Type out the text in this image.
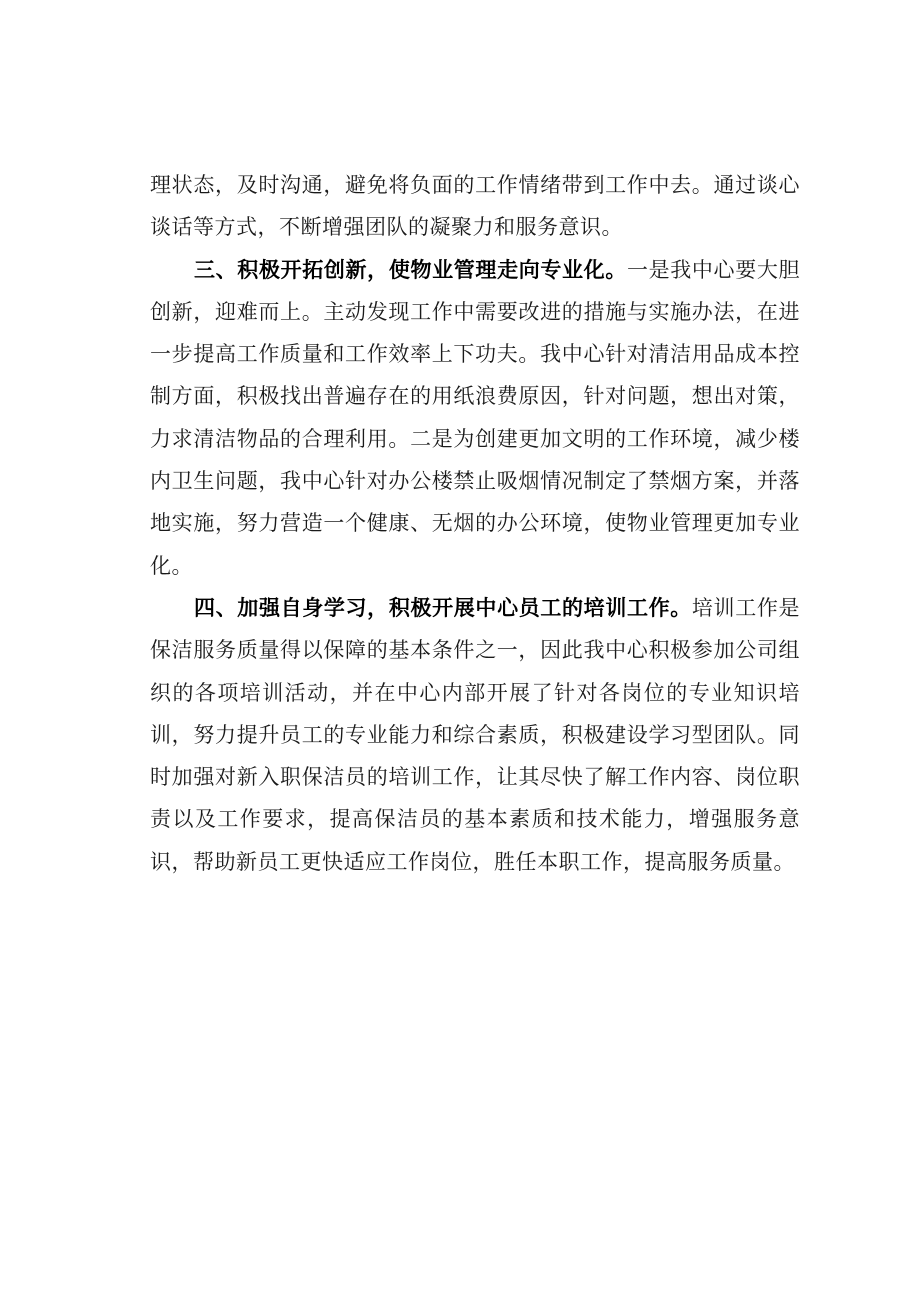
理状态，及时沟通，避免将负面的工作情绪带到工作中去。通过谈心谈话等方式，不断增强团队的凝聚力和服务意识。

三、积极开拓创新，使物业管理走向专业化。一是我中心要大胆创新，迎难而上。主动发现工作中需要改进的措施与实施办法，在进一步提高工作质量和工作效率上下功夫。我中心针对清洁用品成本控制方面，积极找出普遍存在的用纸浪费原因，针对问题，想出对策，力求清洁物品的合理利用。二是为创建更加文明的工作环境，减少楼内卫生问题，我中心针对办公楼禁止吸烟情况制定了禁烟方案，并落地实施，努力营造一个健康、无烟的办公环境，使物业管理更加专业化。

四、加强自身学习，积极开展中心员工的培训工作。培训工作是保洁服务质量得以保障的基本条件之一，因此我中心积极参加公司组织的各项培训活动，并在中心内部开展了针对各岗位的专业知识培训，努力提升员工的专业能力和综合素质，积极建设学习型团队。同时加强对新入职保洁员的培训工作，让其尽快了解工作内容、岗位职责以及工作要求，提高保洁员的基本素质和技术能力，增强服务意识，帮助新员工更快适应工作岗位，胜任本职工作，提高服务质量。
